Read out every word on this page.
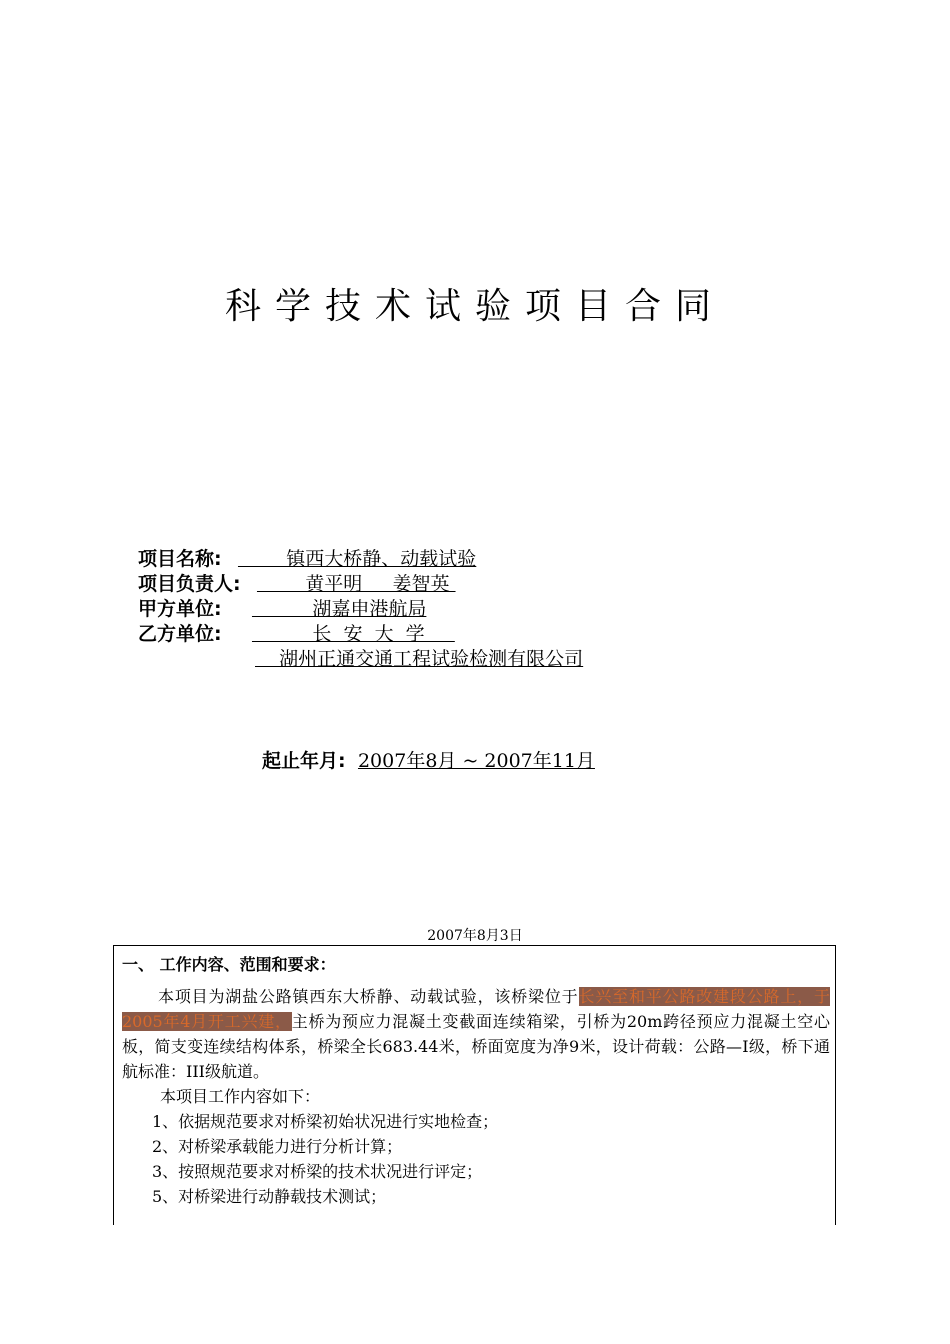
科学技术试验项目合同
项目名称:         镇西大桥静、动载试验
项目负责人:         黄平明     姜智英
甲方单位:           湖嘉申港航局
乙方单位:           长  安  大  学
湖州正通交通工程试验检测有限公司
起止年月: 2007年8月 ~ 2007年11月
2007年8月3日
一、 工作内容、范围和要求：
本项目为湖盐公路镇西东大桥静、动载试验，该桥梁位于长兴至和平公路改建段公路上，于2005年4月开工兴建，主桥为预应力混凝土变截面连续箱梁，引桥为20m跨径预应力混凝土空心板，简支变连续结构体系，桥梁全长683.44米，桥面宽度为净9米，设计荷载：公路—Ⅰ级，桥下通航标准：III级航道。
本项目工作内容如下：
1、依据规范要求对桥梁初始状况进行实地检查；
2、对桥梁承载能力进行分析计算；
3、按照规范要求对桥梁的技术状况进行评定；
5、对桥梁进行动静载技术测试；
